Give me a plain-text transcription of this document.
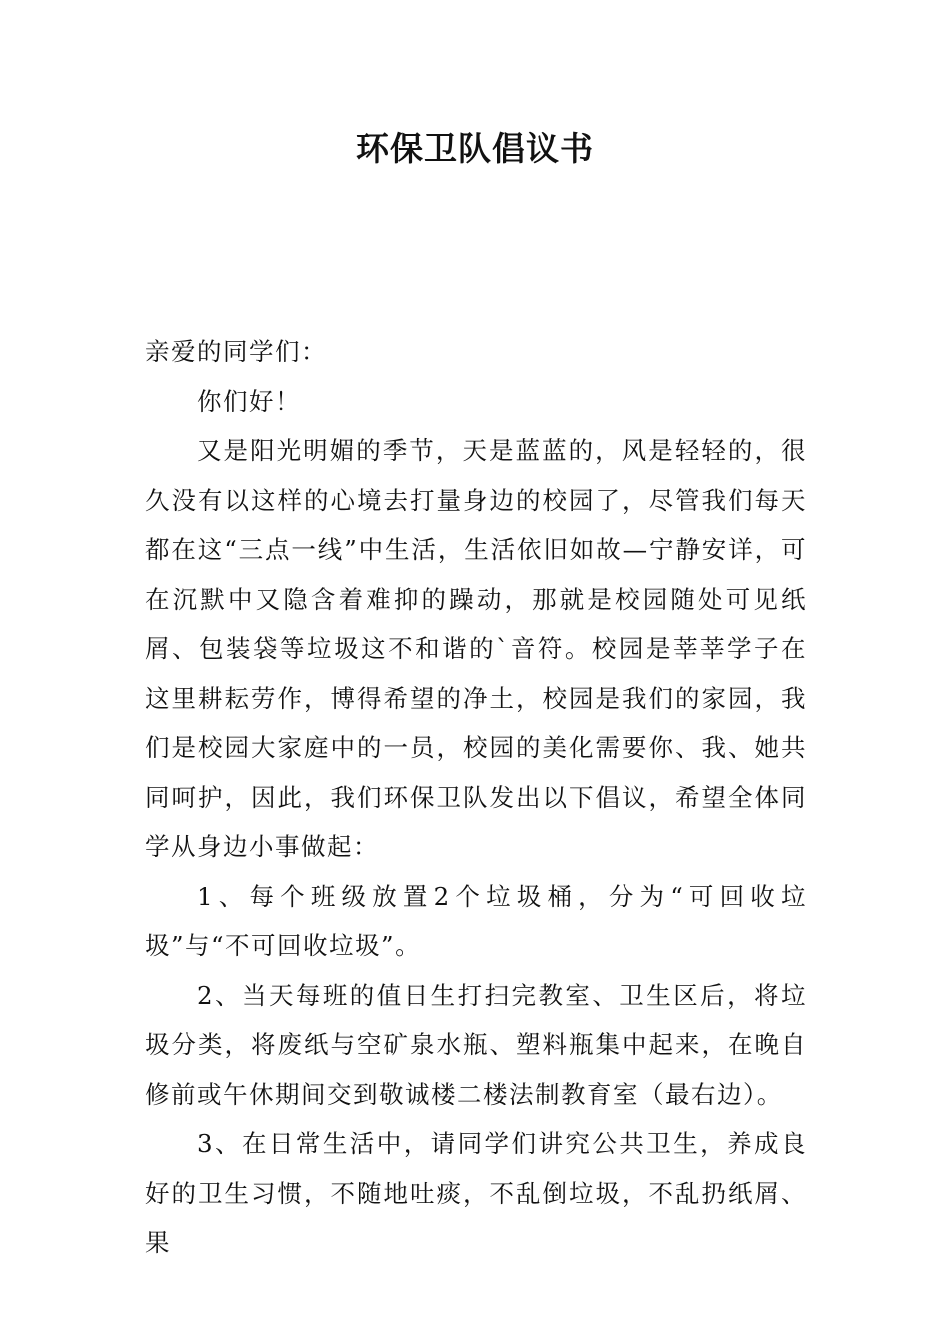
环保卫队倡议书

亲爱的同学们：

你们好！

又是阳光明媚的季节，天是蓝蓝的，风是轻轻的，很久没有以这样的心境去打量身边的校园了，尽管我们每天都在这“三点一线”中生活，生活依旧如故—宁静安详，可在沉默中又隐含着难抑的躁动，那就是校园随处可见纸屑、包装袋等垃圾这不和谐的`音符。校园是莘莘学子在这里耕耘劳作，博得希望的净土，校园是我们的家园，我们是校园大家庭中的一员，校园的美化需要你、我、她共同呵护，因此，我们环保卫队发出以下倡议，希望全体同学从身边小事做起：

1、每个班级放置2个垃圾桶，分为“可回收垃圾”与“不可回收垃圾”。

2、当天每班的值日生打扫完教室、卫生区后，将垃圾分类，将废纸与空矿泉水瓶、塑料瓶集中起来，在晚自修前或午休期间交到敬诚楼二楼法制教育室（最右边）。

3、在日常生活中，请同学们讲究公共卫生，养成良好的卫生习惯，不随地吐痰，不乱倒垃圾，不乱扔纸屑、果
